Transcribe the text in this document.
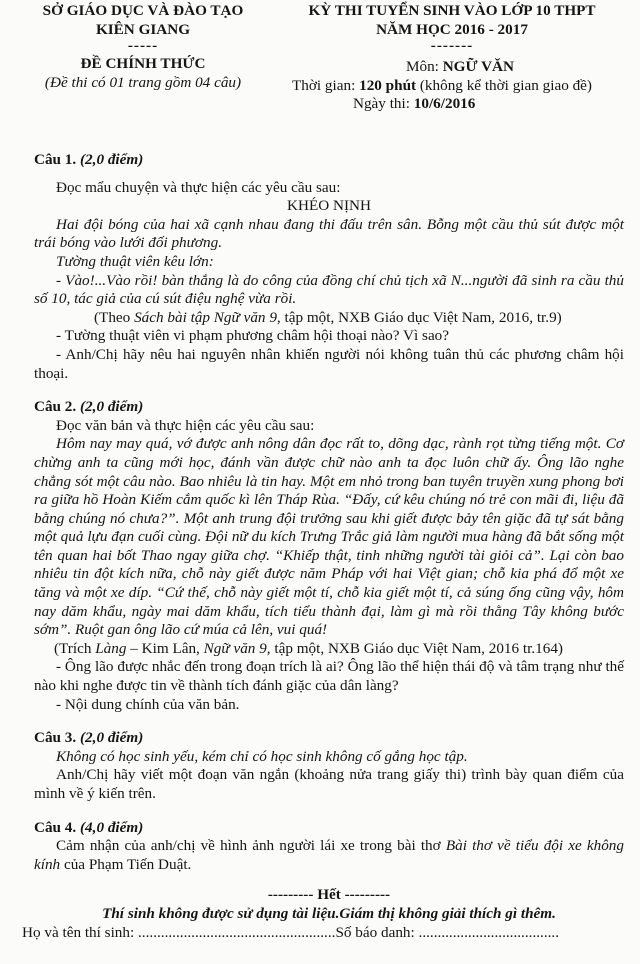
SỞ GIÁO DỤC VÀ ĐÀO TẠO
KIÊN GIANG
-----
ĐỀ CHÍNH THỨC
(Đề thi có 01 trang gồm 04 câu)
KỲ THI TUYỂN SINH VÀO LỚP 10 THPT
NĂM HỌC 2016 - 2017
-------
Môn: NGỮ VĂN
Thời gian: 120 phút (không kể thời gian giao đề)
Ngày thi: 10/6/2016
Câu 1. (2,0 điểm)
Đọc mẩu chuyện và thực hiện các yêu cầu sau:
KHÉO NỊNH
Hai đội bóng của hai xã cạnh nhau đang thi đấu trên sân. Bỗng một cầu thủ sút được một trái bóng vào lưới đối phương.
Tường thuật viên kêu lớn:
- Vào!...Vào rồi! bàn thắng là do công của đồng chí chủ tịch xã N...người đã sinh ra cầu thủ số 10, tác giả của cú sút điệu nghệ vừa rồi.
(Theo Sách bài tập Ngữ văn 9, tập một, NXB Giáo dục Việt Nam, 2016, tr.9)
- Tường thuật viên vi phạm phương châm hội thoại nào? Vì sao?
- Anh/Chị hãy nêu hai nguyên nhân khiến người nói không tuân thủ các phương châm hội thoại.
Câu 2. (2,0 điểm)
Đọc văn bản và thực hiện các yêu cầu sau:
Hôm nay may quá, vớ được anh nông dân đọc rất to, dõng dạc, rành rọt từng tiếng một. Cơ chừng anh ta cũng mới học, đánh vần được chữ nào anh ta đọc luôn chữ ấy. Ông lão nghe chẳng sót một câu nào. Bao nhiêu là tin hay. Một em nhỏ trong ban tuyên truyền xung phong bơi ra giữa hồ Hoàn Kiếm cắm quốc kì lên Tháp Rùa. “Đấy, cứ kêu chúng nó trẻ con mãi đi, liệu đã bằng chúng nó chưa?”. Một anh trung đội trưởng sau khi giết được bảy tên giặc đã tự sát bằng một quả lựu đạn cuối cùng. Đội nữ du kích Trưng Trắc giả làm người mua hàng đã bắt sống một tên quan hai bốt Thao ngay giữa chợ. “Khiếp thật, tinh những người tài giỏi cả”. Lại còn bao nhiêu tin đột kích nữa, chỗ này giết được năm Pháp với hai Việt gian; chỗ kia phá đổ một xe tăng và một xe díp. “Cứ thế, chỗ này giết một tí, chỗ kia giết một tí, cả súng ống cũng vậy, hôm nay dăm khẩu, ngày mai dăm khẩu, tích tiểu thành đại, làm gì mà rồi thằng Tây không bước sớm”. Ruột gan ông lão cứ múa cả lên, vui quá!
(Trích Làng – Kim Lân, Ngữ văn 9, tập một, NXB Giáo dục Việt Nam, 2016 tr.164)
- Ông lão được nhắc đến trong đoạn trích là ai? Ông lão thể hiện thái độ và tâm trạng như thế nào khi nghe được tin về thành tích đánh giặc của dân làng?
- Nội dung chính của văn bản.
Câu 3. (2,0 điểm)
Không có học sinh yếu, kém chỉ có học sinh không cố gắng học tập.
Anh/Chị hãy viết một đoạn văn ngắn (khoảng nửa trang giấy thi) trình bày quan điểm của mình về ý kiến trên.
Câu 4. (4,0 điểm)
Cảm nhận của anh/chị về hình ảnh người lái xe trong bài thơ Bài thơ về tiểu đội xe không kính của Phạm Tiến Duật.
--------- Hết ---------
Thí sinh không được sử dụng tài liệu.Giám thị không giải thích gì thêm.
Họ và tên thí sinh: ....................................................Số báo danh: .....................................
